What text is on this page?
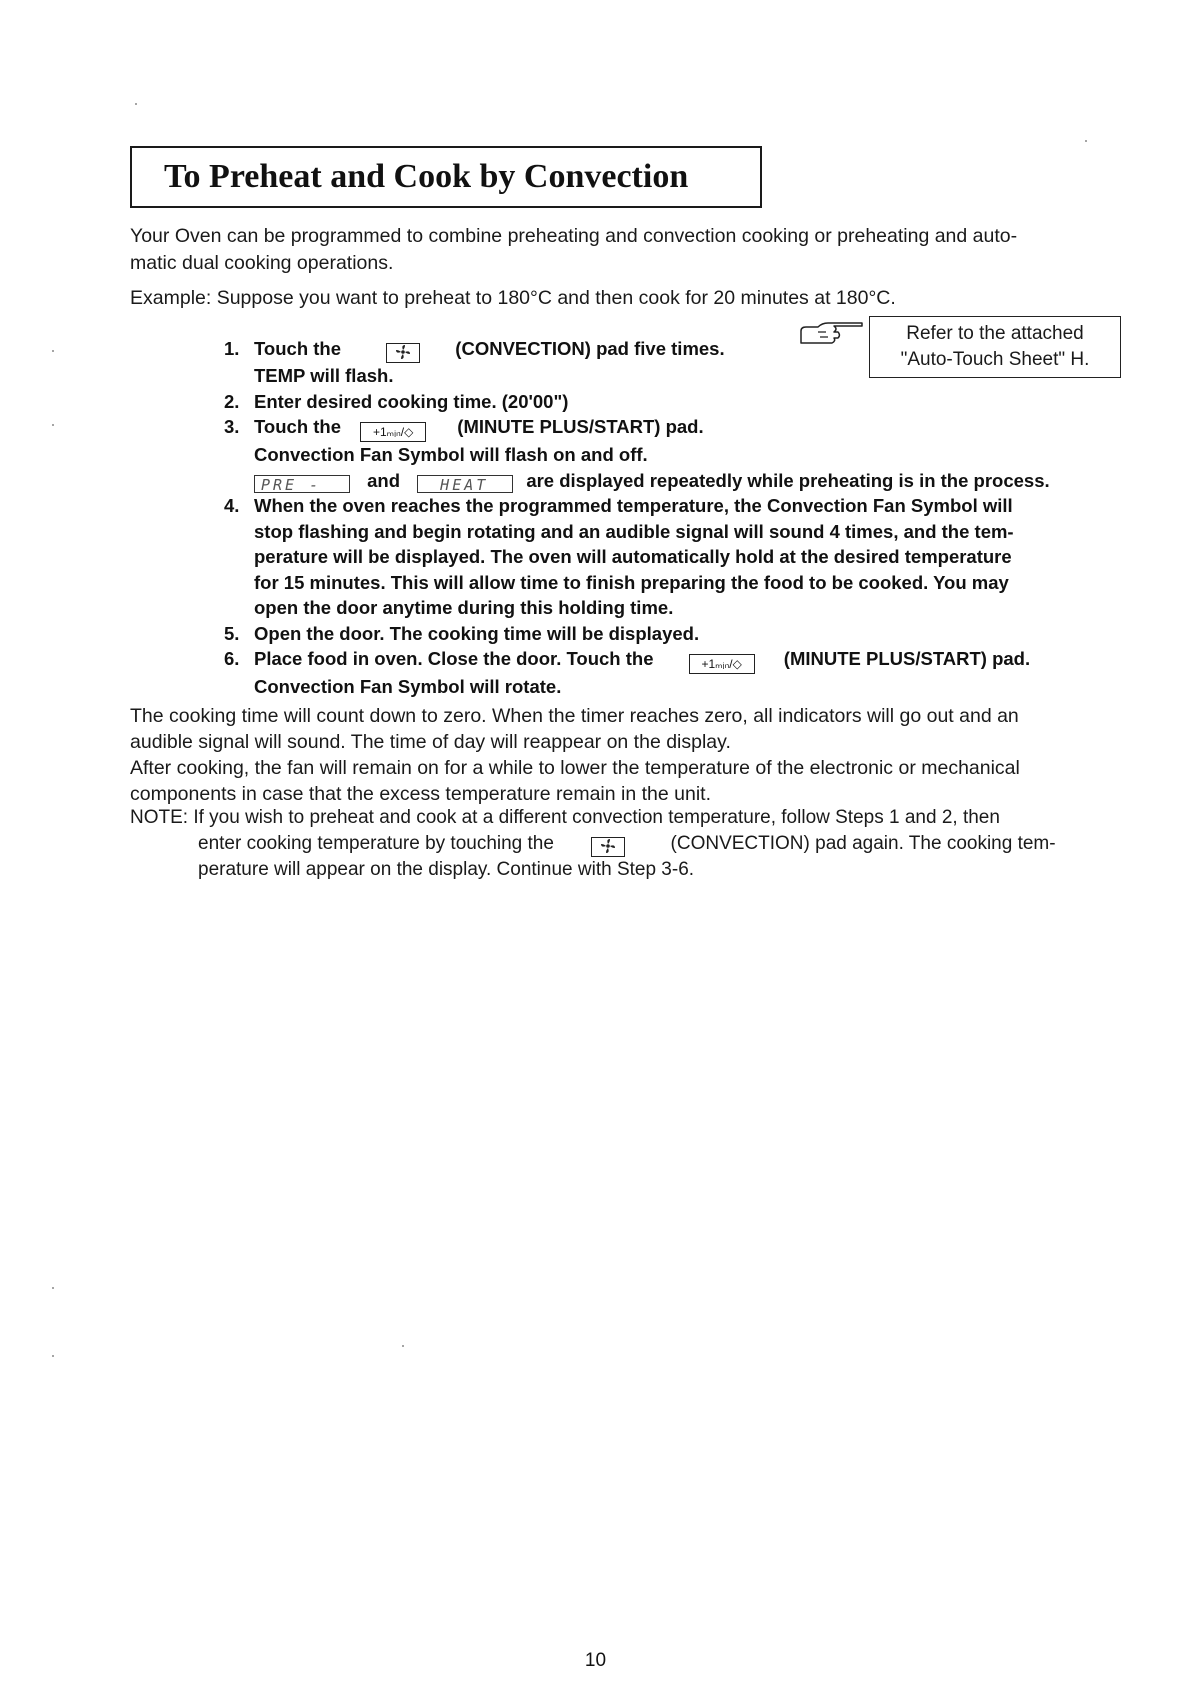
To Preheat and Cook by Convection
Your Oven can be programmed to combine preheating and convection cooking or preheating and auto-
matic dual cooking operations.
Example: Suppose you want to preheat to 180°C and then cook for 20 minutes at 180°C.
Refer to the attached
"Auto-Touch Sheet" H.
1. Touch the	(CONVECTION) pad five times.
TEMP will flash.
2. Enter desired cooking time. (20'00")
3. Touch the	+1ₘᵢₙ/◇ (MINUTE PLUS/START) pad.
Convection Fan Symbol will flash on and off.
PRE - and	HEAT are displayed repeatedly while preheating is in the process.
4. When the oven reaches the programmed temperature, the Convection Fan Symbol will
stop flashing and begin rotating and an audible signal will sound 4 times, and the tem-
perature will be displayed. The oven will automatically hold at the desired temperature
for 15 minutes. This will allow time to finish preparing the food to be cooked. You may
open the door anytime during this holding time.
5. Open the door. The cooking time will be displayed.
6. Place food in oven. Close the door. Touch the	+1ₘᵢₙ/◇ (MINUTE PLUS/START) pad.
Convection Fan Symbol will rotate.
The cooking time will count down to zero. When the timer reaches zero, all indicators will go out and an
audible signal will sound. The time of day will reappear on the display.
After cooking, the fan will remain on for a while to lower the temperature of the electronic or mechanical
components in case that the excess temperature remain in the unit.
NOTE: If you wish to preheat and cook at a different convection temperature, follow Steps 1 and 2, then
enter cooking temperature by touching the	(CONVECTION) pad again. The cooking tem-
perature will appear on the display. Continue with Step 3-6.
10
